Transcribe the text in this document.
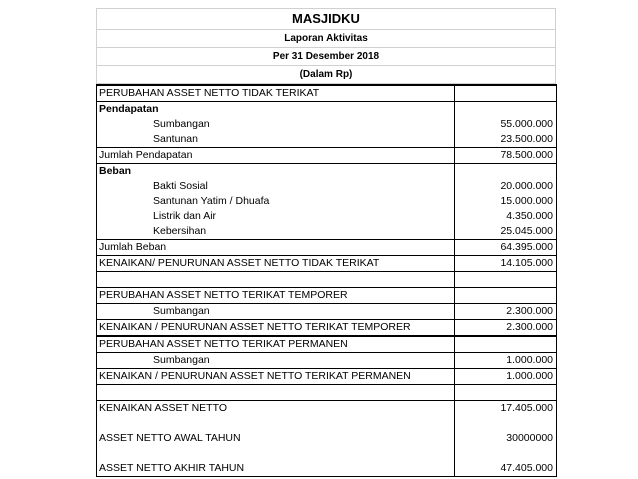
MASJIDKU
Laporan Aktivitas
Per 31 Desember 2018
(Dalam Rp)
PERUBAHAN ASSET NETTO TIDAK TERIKAT	
Pendapatan	
Sumbangan	55.000.000
Santunan	23.500.000
Jumlah Pendapatan	78.500.000
Beban	
Bakti Sosial	20.000.000
Santunan Yatim / Dhuafa	15.000.000
Listrik dan Air	4.350.000
Kebersihan	25.045.000
Jumlah Beban	64.395.000
KENAIKAN/ PENURUNAN ASSET NETTO TIDAK TERIKAT	14.105.000

PERUBAHAN ASSET NETTO TERIKAT TEMPORER	
Sumbangan	2.300.000
KENAIKAN / PENURUNAN ASSET NETTO TERIKAT TEMPORER	2.300.000
PERUBAHAN ASSET NETTO TERIKAT PERMANEN	
Sumbangan	1.000.000
KENAIKAN / PENURUNAN ASSET NETTO TERIKAT PERMANEN	1.000.000

KENAIKAN ASSET NETTO	17.405.000

ASSET NETTO AWAL TAHUN	30000000

ASSET NETTO AKHIR TAHUN	47.405.000
